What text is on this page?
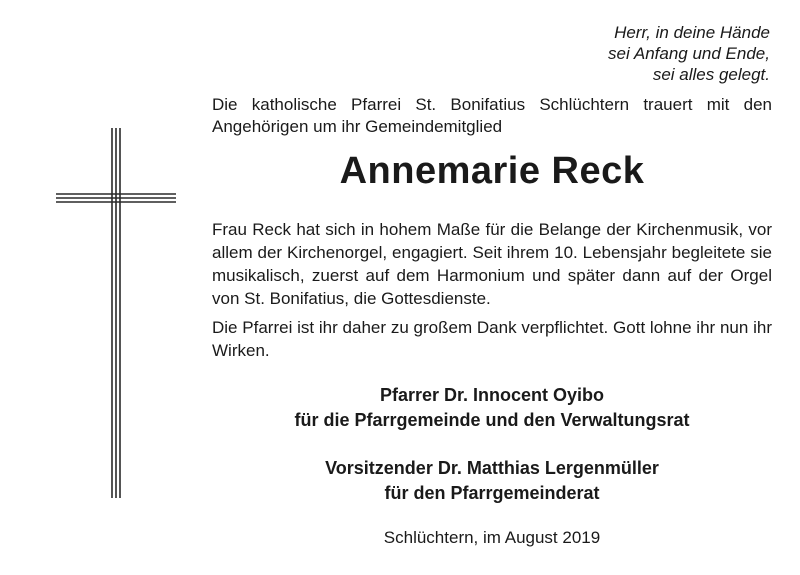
Herr, in deine Hände
sei Anfang und Ende,
sei alles gelegt.
Die katholische Pfarrei St. Bonifatius Schlüchtern trauert mit den Angehörigen um ihr Gemeindemitglied
Annemarie Reck
Frau Reck hat sich in hohem Maße für die Belange der Kirchenmusik, vor allem der Kirchenorgel, engagiert. Seit ihrem 10. Lebensjahr begleitete sie musikalisch, zuerst auf dem Harmonium und später dann auf der Orgel von St. Bonifatius, die Gottesdienste.
Die Pfarrei ist ihr daher zu großem Dank verpflichtet. Gott lohne ihr nun ihr Wirken.
Pfarrer Dr. Innocent Oyibo
für die Pfarrgemeinde und den Verwaltungsrat
Vorsitzender Dr. Matthias Lergenmüller
für den Pfarrgemeinderat
Schlüchtern, im August 2019
